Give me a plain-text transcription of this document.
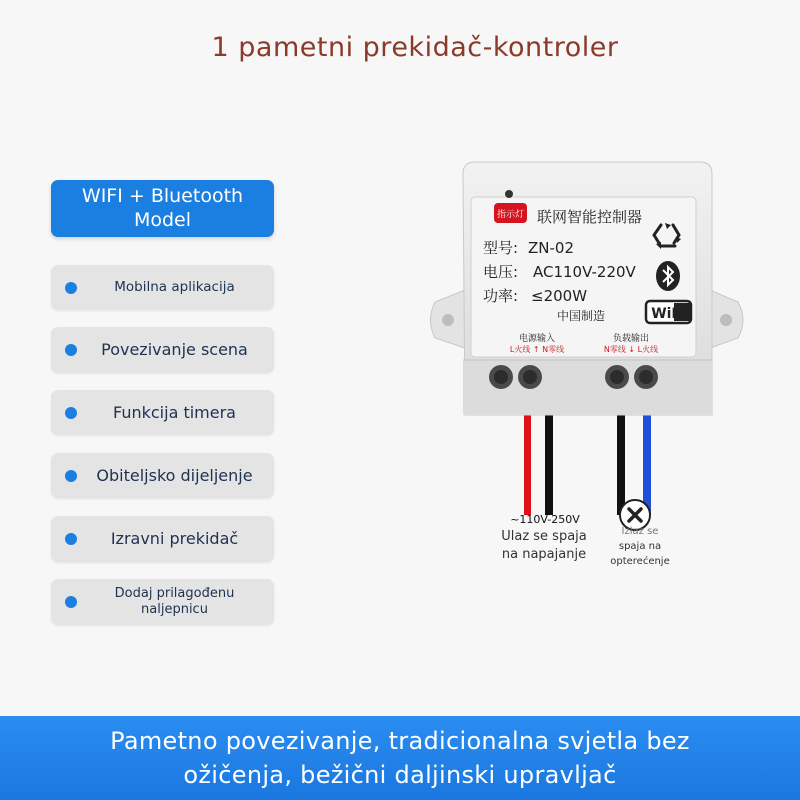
1 pametni prekidač-kontroler
WIFI + Bluetooth Model
Mobilna aplikacija
Povezivanje scena
Funkcija timera
Obiteljsko dijeljenje
Izravni prekidač
Dodaj prilagođenu naljepnicu
指示灯 联网智能控制器
型号: ZN-02
电压: AC110V-220V
功率: ≤200W
中国制造	WiFi
电源输入
L火线 ↑ N零线
负载输出
N零线 ↓ L火线
~110V-250V
Ulaz se spaja
na napajanje
Izlaz se
spaja na
opterećenje
Pametno povezivanje, tradicionalna svjetla bez
ožičenja, bežični daljinski upravljač
